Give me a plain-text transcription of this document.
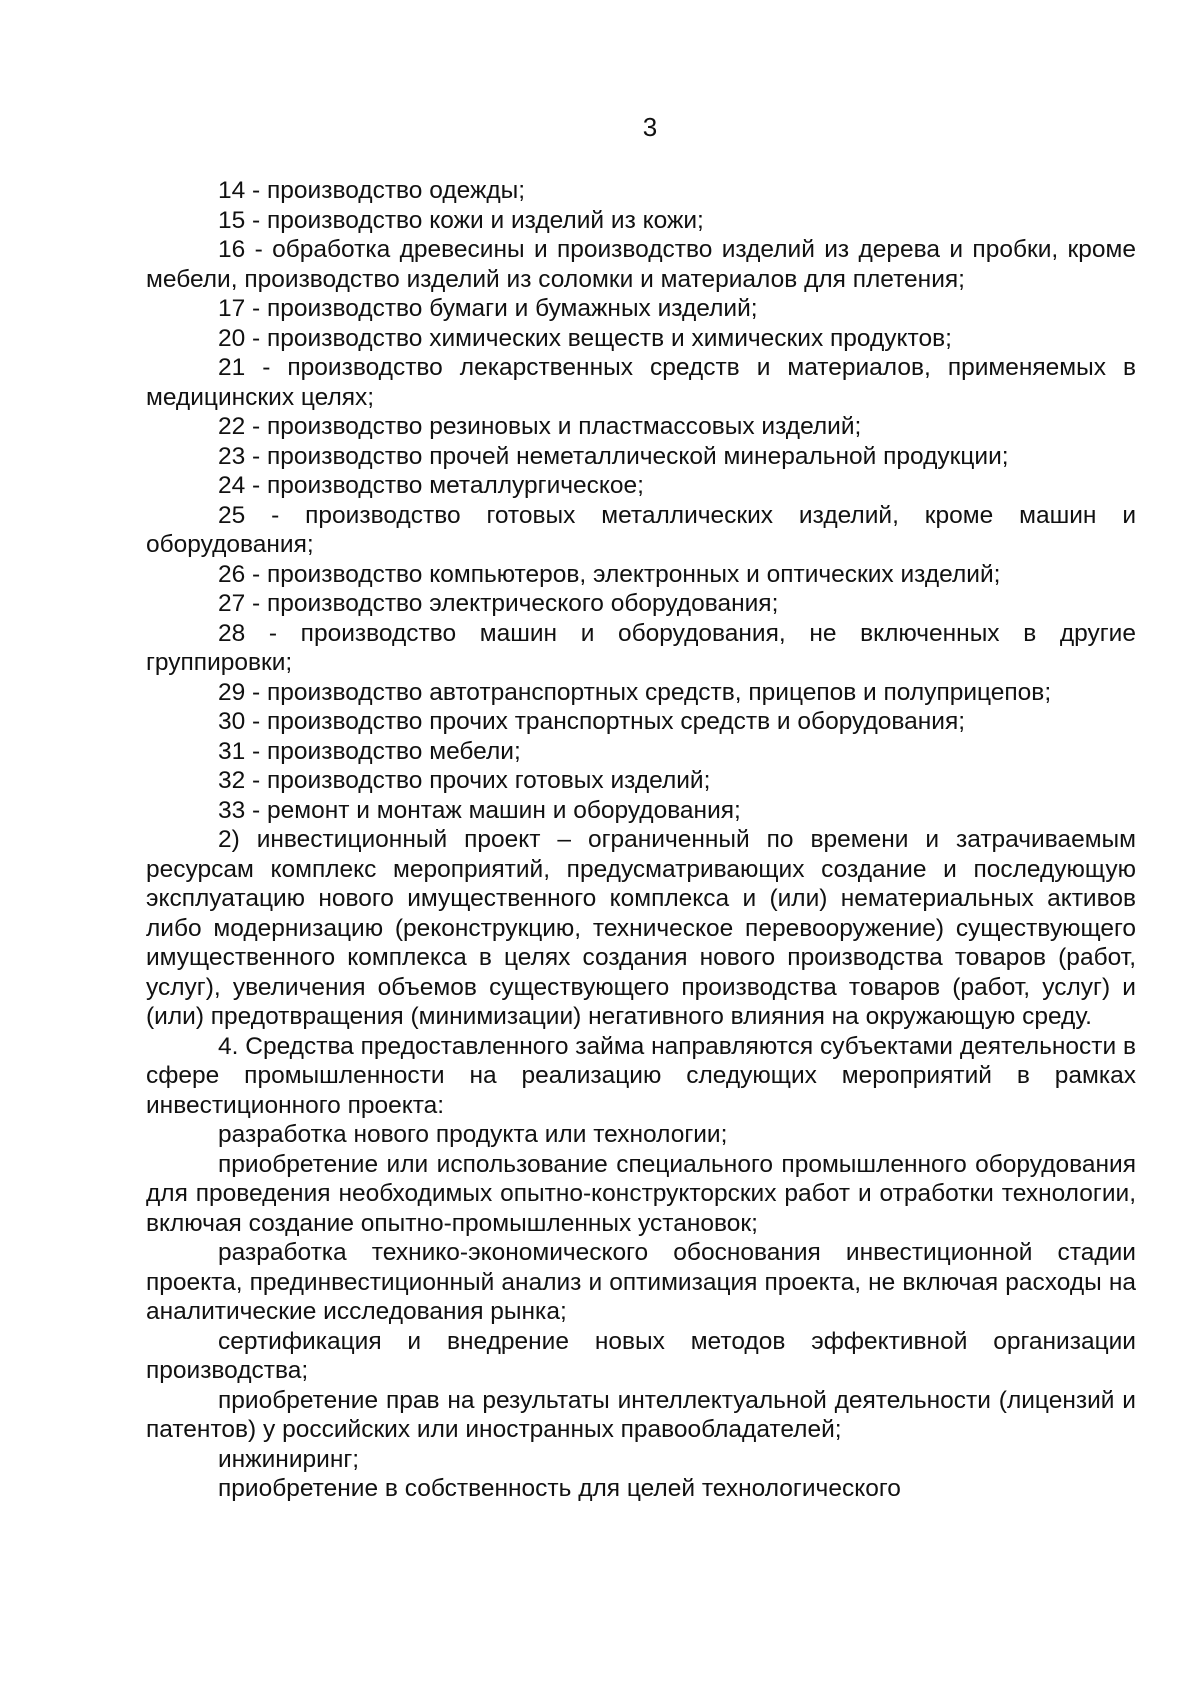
3

14 - производство одежды;

15 - производство кожи и изделий из кожи;

16 - обработка древесины и производство изделий из дерева и пробки, кроме мебели, производство изделий из соломки и материалов для плетения;

17 - производство бумаги и бумажных изделий;

20 - производство химических веществ и химических продуктов;

21 - производство лекарственных средств и материалов, применяемых в медицинских целях;

22 - производство резиновых и пластмассовых изделий;

23 - производство прочей неметаллической минеральной продукции;

24 - производство металлургическое;

25 - производство готовых металлических изделий, кроме машин и оборудования;

26 - производство компьютеров, электронных и оптических изделий;

27 - производство электрического оборудования;

28 - производство машин и оборудования, не включенных в другие группировки;

29 - производство автотранспортных средств, прицепов и полуприцепов;

30 - производство прочих транспортных средств и оборудования;

31 - производство мебели;

32 - производство прочих готовых изделий;

33 - ремонт и монтаж машин и оборудования;

2) инвестиционный проект – ограниченный по времени и затрачиваемым ресурсам комплекс мероприятий, предусматривающих создание и последующую эксплуатацию нового имущественного комплекса и (или) нематериальных активов либо модернизацию (реконструкцию, техническое перевооружение) существующего имущественного комплекса в целях создания нового производства товаров (работ, услуг), увеличения объемов существующего производства товаров (работ, услуг) и (или) предотвращения (минимизации) негативного влияния на окружающую среду.

4. Средства предоставленного займа направляются субъектами деятельности в сфере промышленности на реализацию следующих мероприятий в рамках инвестиционного проекта:

разработка нового продукта или технологии;

приобретение или использование специального промышленного оборудования для проведения необходимых опытно-конструкторских работ и отработки технологии, включая создание опытно-промышленных установок;

разработка технико-экономического обоснования инвестиционной стадии проекта, прединвестиционный анализ и оптимизация проекта, не включая расходы на аналитические исследования рынка;

сертификация и внедрение новых методов эффективной организации производства;

приобретение прав на результаты интеллектуальной деятельности (лицензий и патентов) у российских или иностранных правообладателей;

инжиниринг;

приобретение в собственность для целей технологического
